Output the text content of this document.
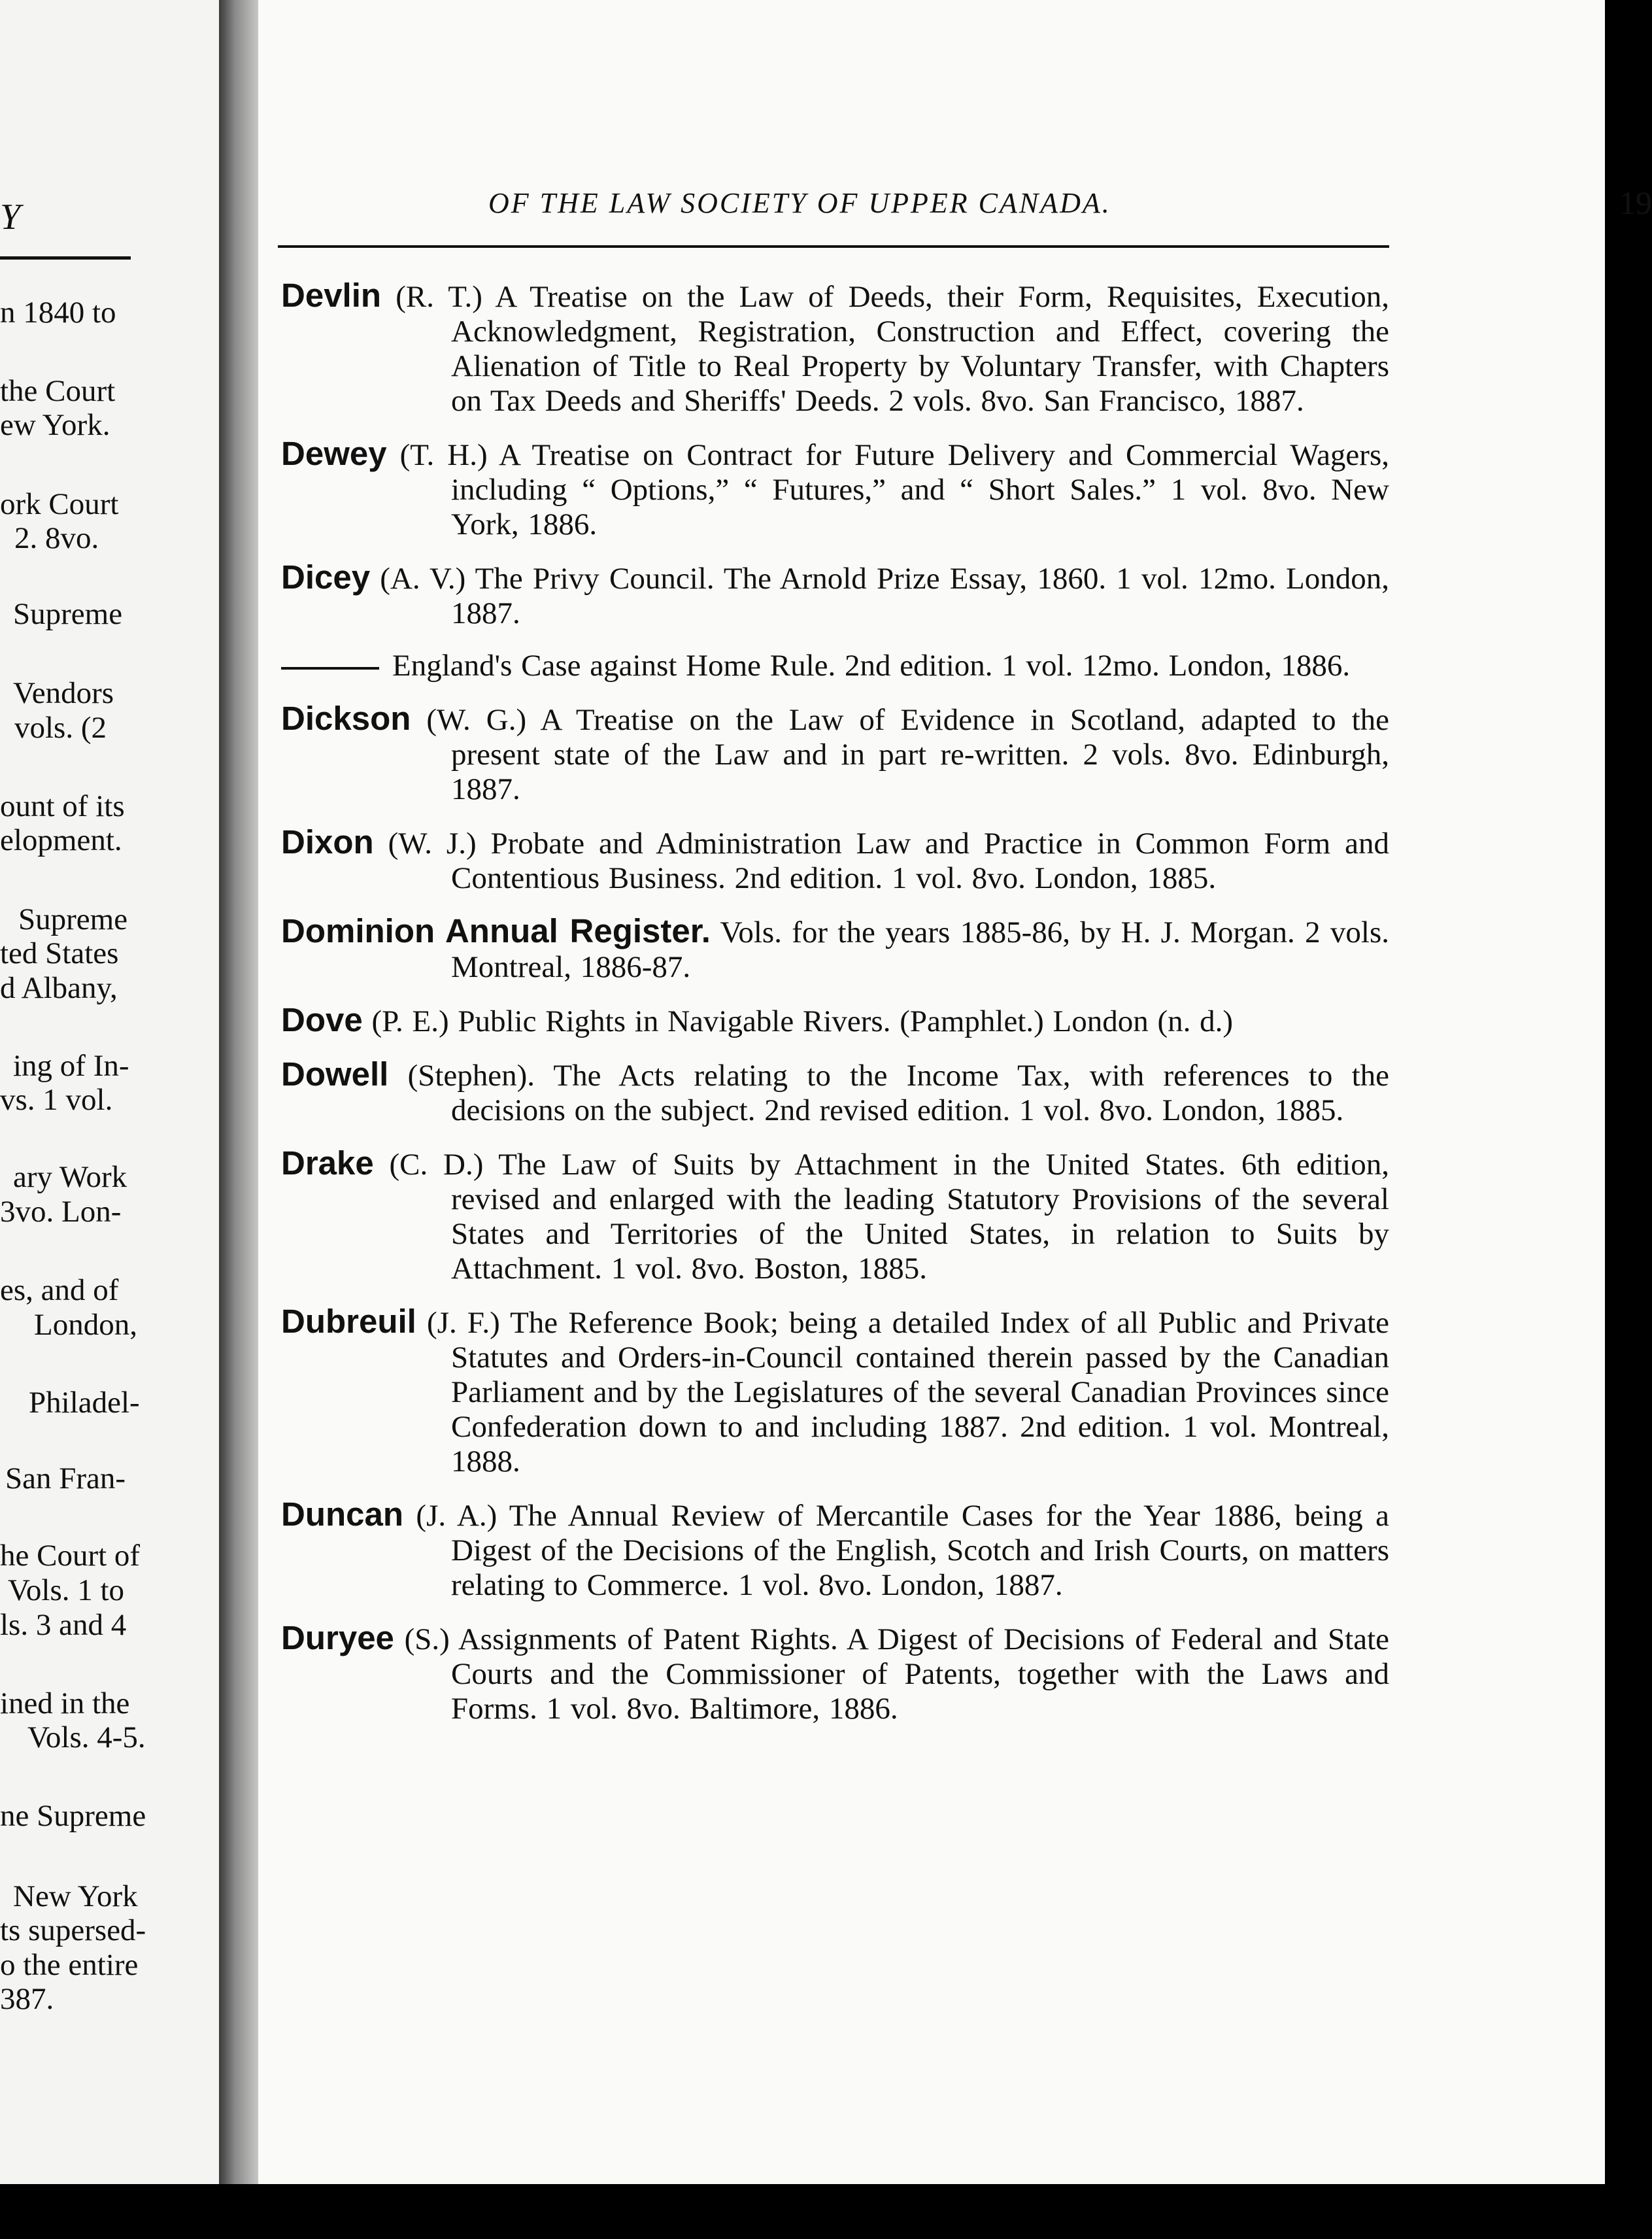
Y
n 1840 to
the Court
ew York.
ork Court
2. 8vo.
Supreme
Vendors
vols. (2
ount of its
elopment.
Supreme
ted States
d Albany,
ing of In-
vs. 1 vol.
ary Work
3vo. Lon-
es, and of
London,
Philadel-
San Fran-
he Court of
Vols. 1 to
ls. 3 and 4
ined in the
Vols. 4-5.
ne Supreme
New York
ts supersed-
o the entire
387.
OF THE LAW SOCIETY OF UPPER CANADA.	19
Devlin (R. T.) A Treatise on the Law of Deeds, their Form, Requisites, Execution, Acknowledgment, Registration, Construction and Effect, covering the Alienation of Title to Real Property by Voluntary Transfer, with Chapters on Tax Deeds and Sheriffs' Deeds. 2 vols. 8vo. San Francisco, 1887.
Dewey (T. H.) A Treatise on Contract for Future Delivery and Commercial Wagers, including “ Options,” “ Futures,” and “ Short Sales.” 1 vol. 8vo. New York, 1886.
Dicey (A. V.) The Privy Council. The Arnold Prize Essay, 1860. 1 vol. 12mo. London, 1887.
England's Case against Home Rule. 2nd edition. 1 vol. 12mo. London, 1886.
Dickson (W. G.) A Treatise on the Law of Evidence in Scotland, adapted to the present state of the Law and in part re-written. 2 vols. 8vo. Edinburgh, 1887.
Dixon (W. J.) Probate and Administration Law and Practice in Common Form and Contentious Business. 2nd edition. 1 vol. 8vo. London, 1885.
Dominion Annual Register. Vols. for the years 1885-86, by H. J. Morgan. 2 vols. Montreal, 1886-87.
Dove (P. E.) Public Rights in Navigable Rivers. (Pamphlet.) London (n. d.)
Dowell (Stephen). The Acts relating to the Income Tax, with references to the decisions on the subject. 2nd revised edition. 1 vol. 8vo. London, 1885.
Drake (C. D.) The Law of Suits by Attachment in the United States. 6th edition, revised and enlarged with the leading Statutory Provisions of the several States and Territories of the United States, in relation to Suits by Attachment. 1 vol. 8vo. Boston, 1885.
Dubreuil (J. F.) The Reference Book; being a detailed Index of all Public and Private Statutes and Orders-in-Council contained therein passed by the Canadian Parliament and by the Legislatures of the several Canadian Provinces since Confederation down to and including 1887. 2nd edition. 1 vol. Montreal, 1888.
Duncan (J. A.) The Annual Review of Mercantile Cases for the Year 1886, being a Digest of the Decisions of the English, Scotch and Irish Courts, on matters relating to Commerce. 1 vol. 8vo. London, 1887.
Duryee (S.) Assignments of Patent Rights. A Digest of Decisions of Federal and State Courts and the Commissioner of Patents, together with the Laws and Forms. 1 vol. 8vo. Baltimore, 1886.
